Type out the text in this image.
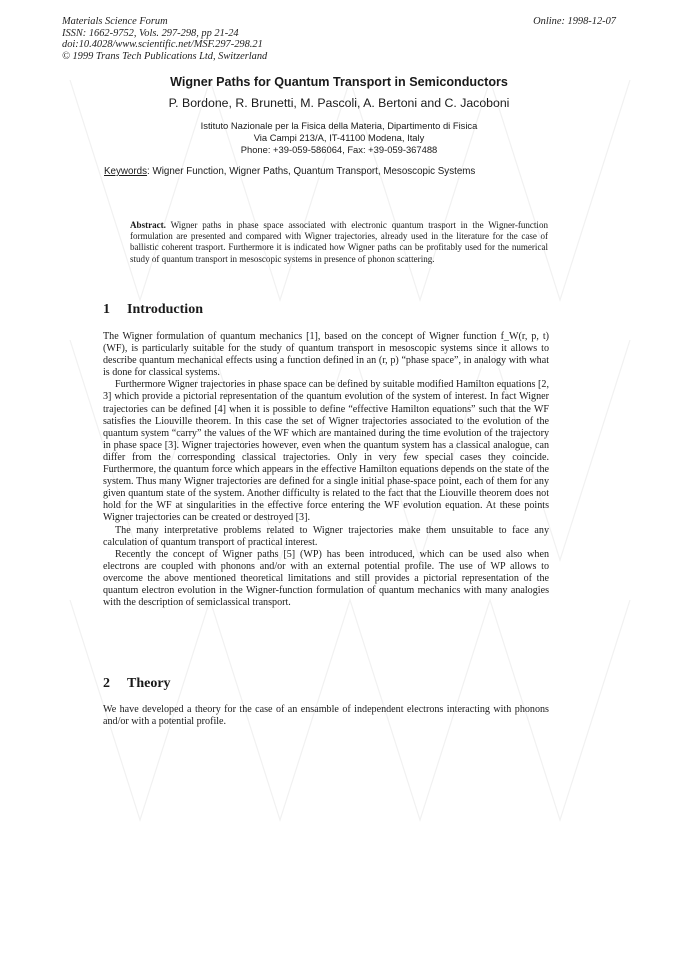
Materials Science Forum
ISSN: 1662-9752, Vols. 297-298, pp 21-24
doi:10.4028/www.scientific.net/MSF.297-298.21
© 1999 Trans Tech Publications Ltd, Switzerland
Online: 1998-12-07
Wigner Paths for Quantum Transport in Semiconductors
P. Bordone, R. Brunetti, M. Pascoli, A. Bertoni and C. Jacoboni
Istituto Nazionale per la Fisica della Materia, Dipartimento di Fisica
Via Campi 213/A, IT-41100 Modena, Italy
Phone: +39-059-586064, Fax: +39-059-367488
Keywords: Wigner Function, Wigner Paths, Quantum Transport, Mesoscopic Systems
Abstract. Wigner paths in phase space associated with electronic quantum trasport in the Wigner-function formulation are presented and compared with Wigner trajectories, already used in the literature for the case of ballistic coherent trasport. Furthermore it is indicated how Wigner paths can be profitably used for the numerical study of quantum transport in mesoscopic systems in presence of phonon scattering.
1 Introduction

The Wigner formulation of quantum mechanics [1], based on the concept of Wigner function f_W(r, p, t) (WF), is particularly suitable for the study of quantum transport in mesoscopic systems since it allows to describe quantum mechanical effects using a function defined in an (r, p) “phase space”, in analogy with what is done for classical systems.

Furthermore Wigner trajectories in phase space can be defined by suitable modified Hamilton equations [2, 3] which provide a pictorial representation of the quantum evolution of the system of interest. In fact Wigner trajectories can be defined [4] when it is possible to define “effective Hamilton equations” such that the WF satisfies the Liouville theorem. In this case the set of Wigner trajectories associated to the evolution of the quantum system “carry” the values of the WF which are mantained during the time evolution of the trajectory in phase space [3]. Wigner trajectories however, even when the quantum system has a classical analogue, can differ from the corresponding classical trajectories. Only in very few special cases they coincide. Furthermore, the quantum force which appears in the effective Hamilton equations depends on the state of the system. Thus many Wigner trajectories are defined for a single initial phase-space point, each of them for any given quantum state of the system. Another difficulty is related to the fact that the Liouville theorem does not hold for the WF at singularities in the effective force entering the WF evolution equation. At these points Wigner trajectories can be created or destroyed [3].

The many interpretative problems related to Wigner trajectories make them unsuitable to face any calculation of quantum transport of practical interest.

Recently the concept of Wigner paths [5] (WP) has been introduced, which can be used also when electrons are coupled with phonons and/or with an external potential profile. The use of WP allows to overcome the above mentioned theoretical limitations and still provides a pictorial representation of the quantum electron evolution in the Wigner-function formulation of quantum mechanics with many analogies with the description of semiclassical transport.

2 Theory

We have developed a theory for the case of an ensamble of independent electrons interacting with phonons and/or with a potential profile.
